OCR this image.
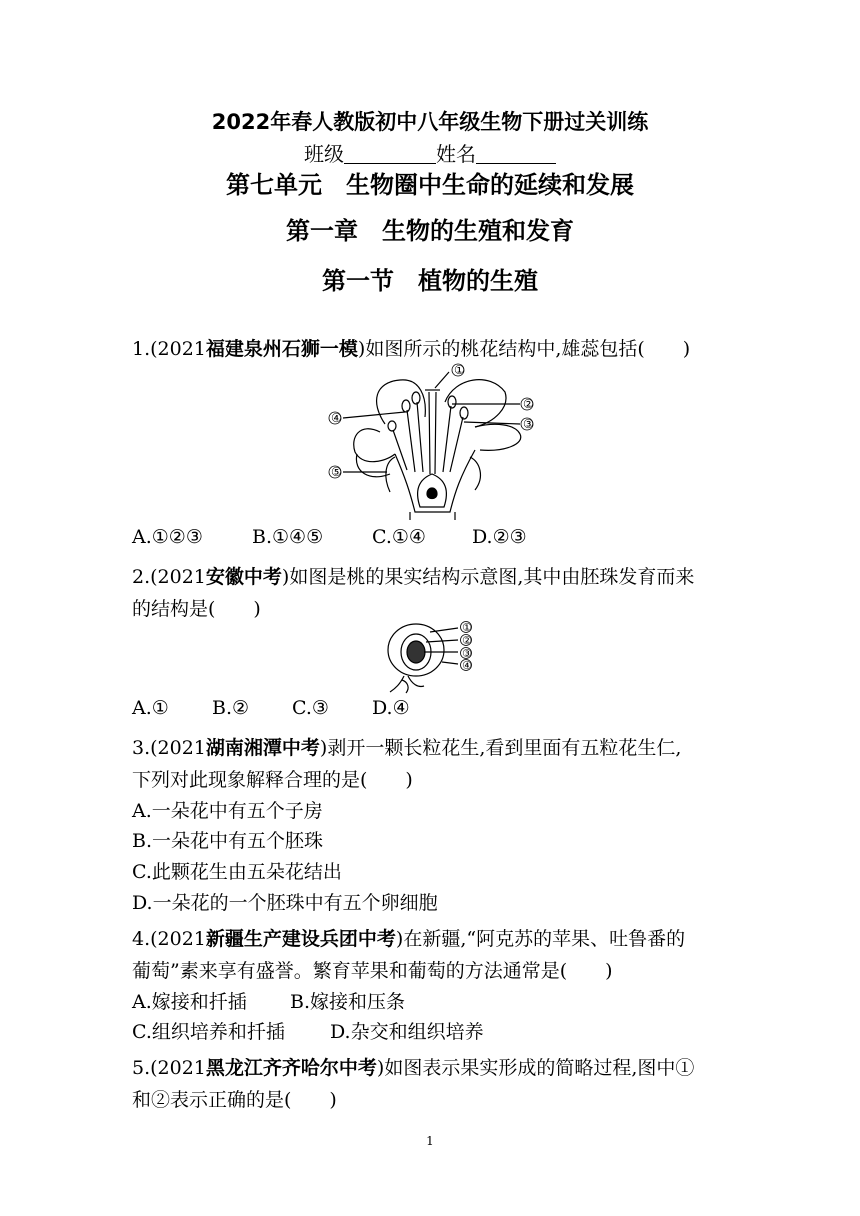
2022年春人教版初中八年级生物下册过关训练
班级	姓名
第七单元 生物圈中生命的延续和发展
第一章 生物的生殖和发育
第一节 植物的生殖
1.(2021福建泉州石狮一模)如图所示的桃花结构中,雄蕊包括(　　)
①
②
③
④
⑤
A.①②③	B.①④⑤	C.①④ D.②③
2.(2021安徽中考)如图是桃的果实结构示意图,其中由胚珠发育而来
的结构是(　　)
①
②
③
④
A.① B.② C.③ D.④
3.(2021湖南湘潭中考)剥开一颗长粒花生,看到里面有五粒花生仁,
下列对此现象解释合理的是(　　)
A.一朵花中有五个子房
B.一朵花中有五个胚珠
C.此颗花生由五朵花结出
D.一朵花的一个胚珠中有五个卵细胞
4.(2021新疆生产建设兵团中考)在新疆,“阿克苏的苹果、吐鲁番的
葡萄”素来享有盛誉。繁育苹果和葡萄的方法通常是(　　)
A.嫁接和扦插 B.嫁接和压条
C.组织培养和扦插 D.杂交和组织培养
5.(2021黑龙江齐齐哈尔中考)如图表示果实形成的简略过程,图中①
和②表示正确的是(　　)
1
